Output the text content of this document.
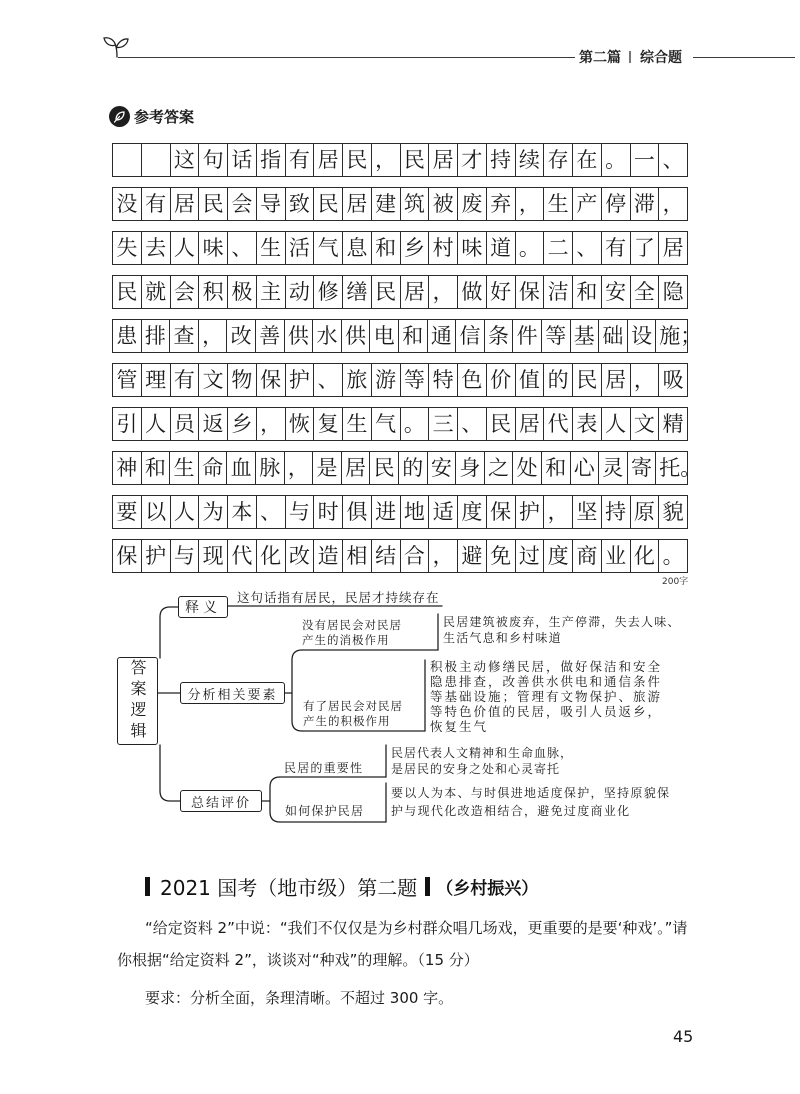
第二篇 综合题
参考答案
这 句 话 指 有 居 民 ， 民 居 才 持 续 存 在 。 一 、
没 有 居 民 会 导 致 民 居 建 筑 被 废 弃 ， 生 产 停 滞 ，
失 去 人 味 、 生 活 气 息 和 乡 村 味 道 。 二 、 有 了 居
民 就 会 积 极 主 动 修 缮 民 居 ， 做 好 保 洁 和 安 全 隐
患 排 查 ， 改 善 供 水 供 电 和 通 信 条 件 等 基 础 设 施；
管 理 有 文 物 保 护 、 旅 游 等 特 色 价 值 的 民 居 ， 吸
引 人 员 返 乡 ， 恢 复 生 气 。 三 、 民 居 代 表 人 文 精
神 和 生 命 血 脉 ， 是 居 民 的 安 身 之 处 和 心 灵 寄 托。
要 以 人 为 本 、 与 时 俱 进 地 适 度 保 护 ， 坚 持 原 貌
保 护 与 现 代 化 改 造 相 结 合 ， 避 免 过 度 商 业 化 。
200字
答案逻辑
释义
这句话指有居民，民居才持续存在
分析相关要素
没有居民会对民居
产生的消极作用
民居建筑被废弃，生产停滞，失去人味、
生活气息和乡村味道
有了居民会对民居
产生的积极作用
积极主动修缮民居，做好保洁和安全
隐患排查，改善供水供电和通信条件
等基础设施；管理有文物保护、旅游
等特色价值的民居，吸引人员返乡，
恢复生气
总结评价
民居的重要性
民居代表人文精神和生命血脉，
是居民的安身之处和心灵寄托
如何保护民居
要以人为本、与时俱进地适度保护，坚持原貌保
护与现代化改造相结合，避免过度商业化
2021 国考（地市级）第二题 （乡村振兴）
“给定资料 2”中说：“我们不仅仅是为乡村群众唱几场戏，更重要的是要‘种戏’。”请
你根据“给定资料 2”，谈谈对“种戏”的理解。（15 分）
要求：分析全面，条理清晰。不超过 300 字。
45
